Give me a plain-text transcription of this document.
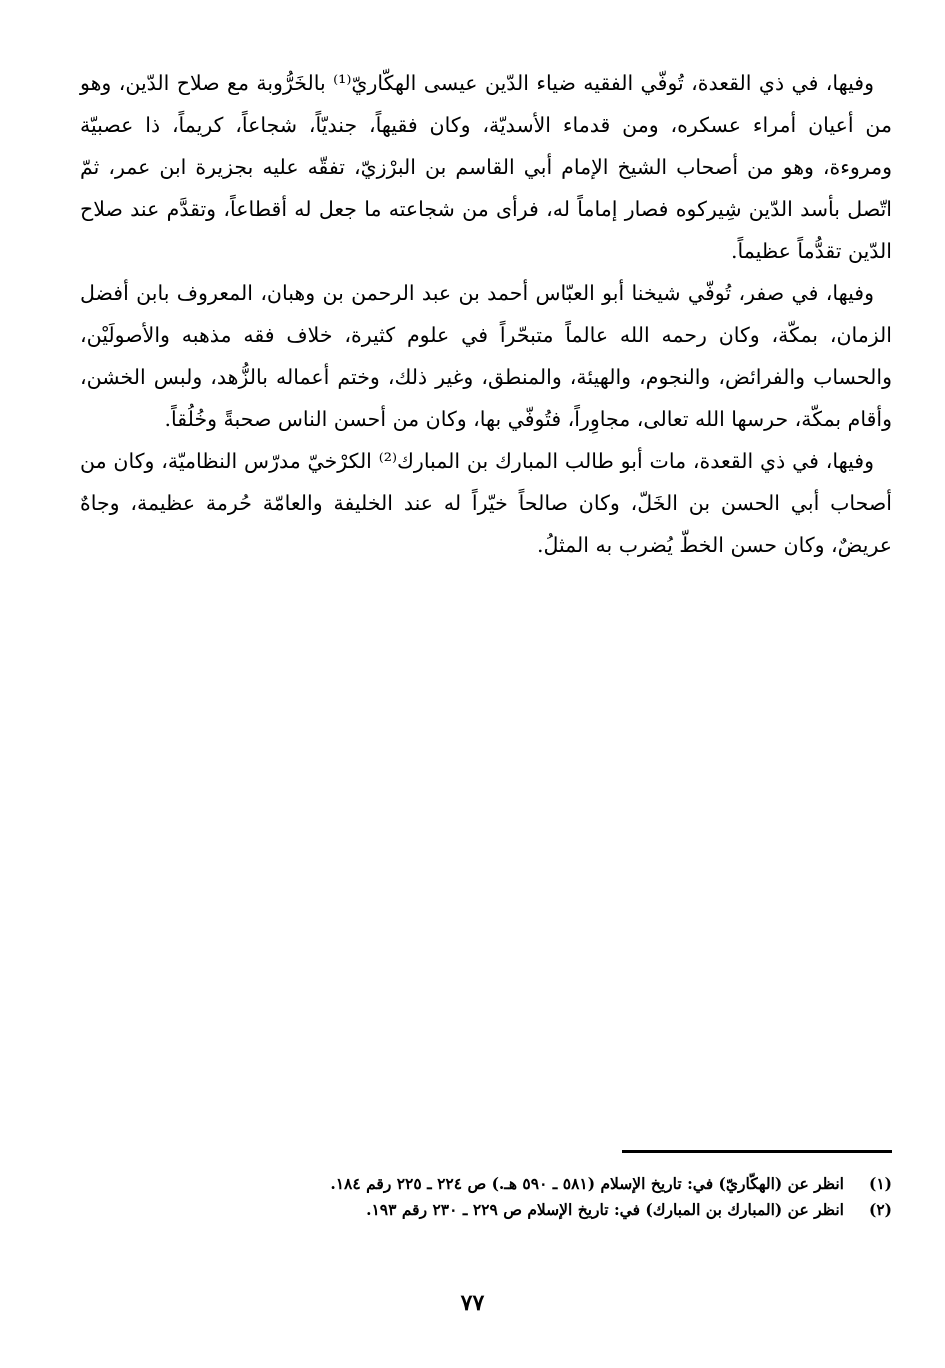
وفيها، في ذي القعدة، تُوفّي الفقيه ضياء الدّين عيسى الهكّاريّ⁽¹⁾ بالخَرُّوبة مع صلاح الدّين، وهو من أعيان أمراء عسكره، ومن قدماء الأسديّة، وكان فقيهاً، جنديّاً، شجاعاً، كريماً، ذا عصبيّة ومروءة، وهو من أصحاب الشيخ الإمام أبي القاسم بن البرْزيّ، تفقّه عليه بجزيرة ابن عمر، ثمّ اتّصل بأسد الدّين شِيركوه فصار إماماً له، فرأى من شجاعته ما جعل له أقطاعاً، وتقدَّم عند صلاح الدّين تقدُّماً عظيماً.

وفيها، في صفر، تُوفّي شيخنا أبو العبّاس أحمد بن عبد الرحمن بن وهبان، المعروف بابن أفضل الزمان، بمكّة، وكان رحمه الله عالماً متبحّراً في علوم كثيرة، خلاف فقه مذهبه والأصولَيْن، والحساب والفرائض، والنجوم، والهيئة، والمنطق، وغير ذلك، وختم أعماله بالزُّهد، ولبس الخشن، وأقام بمكّة، حرسها الله تعالى، مجاوِراً، فتُوفّي بها، وكان من أحسن الناس صحبةً وخُلُقاً.

وفيها، في ذي القعدة، مات أبو طالب المبارك بن المبارك⁽²⁾ الكرْخيّ مدرّس النظاميّة، وكان من أصحاب أبي الحسن بن الخَلّ، وكان صالحاً خيّراً له عند الخليفة والعامّة حُرمة عظيمة، وجاهٌ عريضٌ، وكان حسن الخطّ يُضرب به المثلُ.

(١)
انظر عن (الهكّاريّ) في: تاريخ الإسلام (٥٨١ ـ ٥٩٠ هـ.) ص ٢٢٤ ـ ٢٢٥ رقم ١٨٤.
(٢)
انظر عن (المبارك بن المبارك) في: تاريخ الإسلام ص ٢٢٩ ـ ٢٣٠ رقم ١٩٣.
٧٧
